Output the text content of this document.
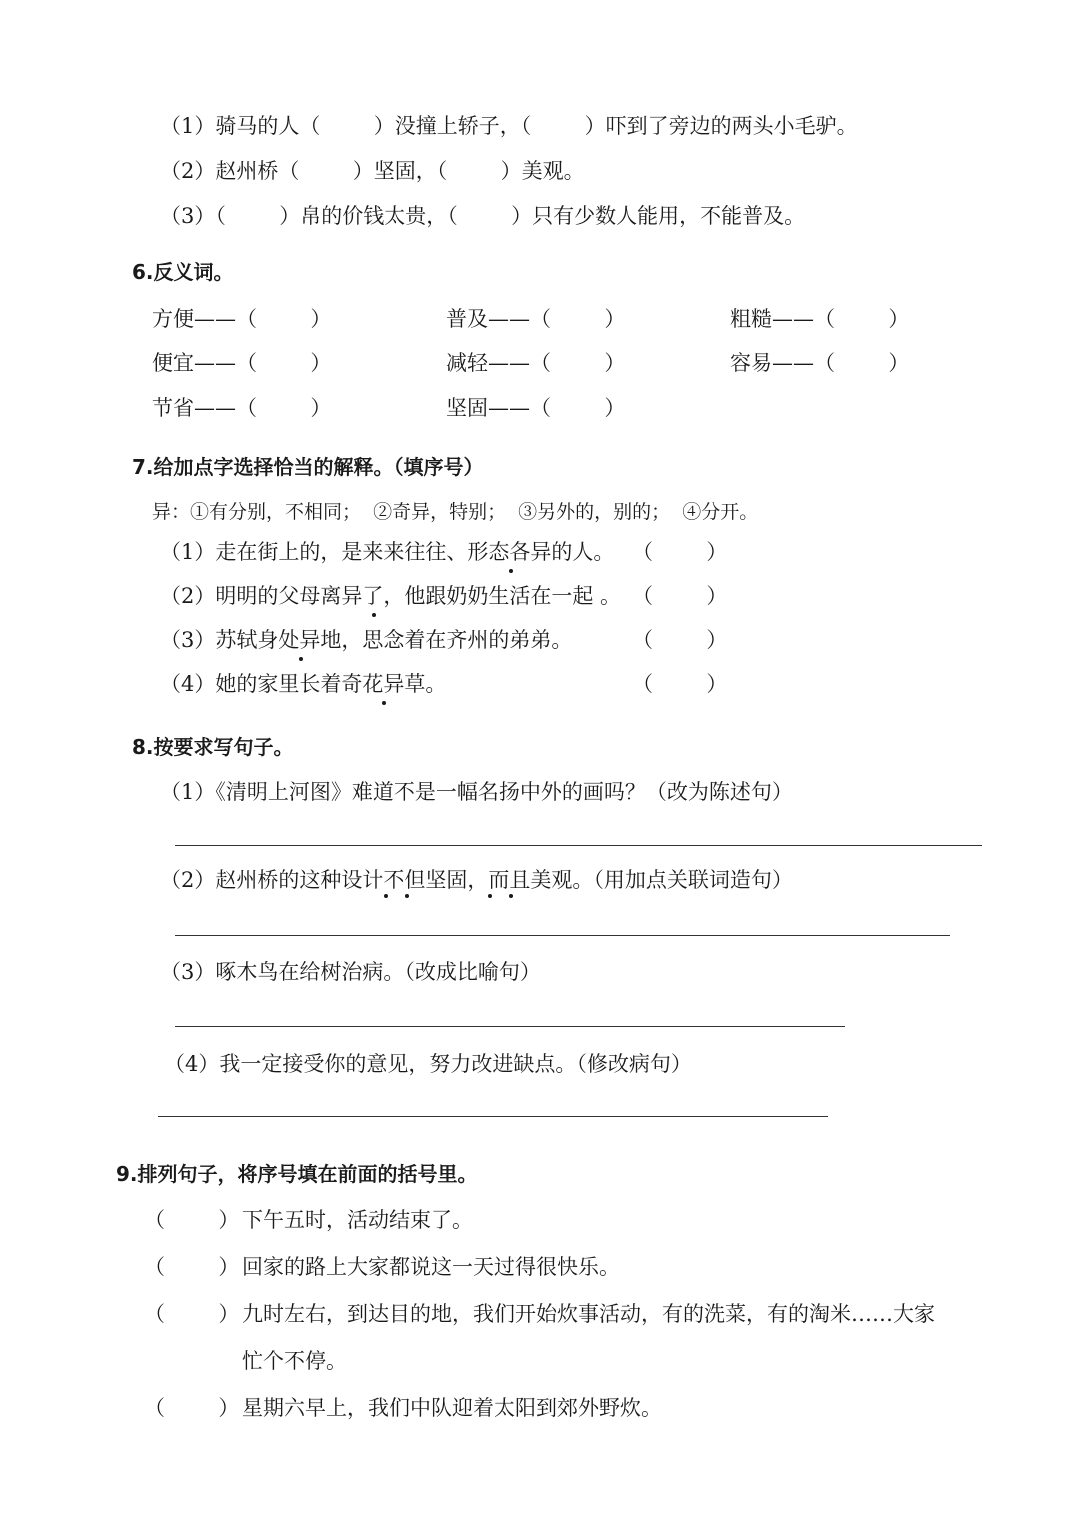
（1）骑马的人（        ）没撞上轿子，（        ）吓到了旁边的两头小毛驴。
（2）赵州桥（        ）坚固，（        ）美观。
（3）（        ）帛的价钱太贵，（        ）只有少数人能用，不能普及。
6.反义词。
方便——（        ）	普及——（        ）	粗糙——（        ）
便宜——（        ）	减轻——（        ）	容易——（        ）
节省——（        ）	坚固——（        ）
7.给加点字选择恰当的解释。（填序号）
异：①有分别，不相同；  ②奇异，特别；  ③另外的，别的；  ④分开。
（1）走在街上的，是来来往往、形态各异的人。 （        ）
（2）明明的父母离异了，他跟奶奶生活在一起 。 （        ）
（3）苏轼身处异地，思念着在齐州的弟弟。	（        ）
（4）她的家里长着奇花异草。	（        ）
8.按要求写句子。
（1）《清明上河图》难道不是一幅名扬中外的画吗？（改为陈述句）
（2）赵州桥的这种设计不但坚固，而且美观。（用加点关联词造句）
（3）啄木鸟在给树治病。（改成比喻句）
（4）我一定接受你的意见，努力改进缺点。（修改病句）
9.排列句子，将序号填在前面的括号里。
（        ） 下午五时，活动结束了。
（        ） 回家的路上大家都说这一天过得很快乐。
（        ） 九时左右，到达目的地，我们开始炊事活动，有的洗菜，有的淘米……大家
忙个不停。
（        ） 星期六早上，我们中队迎着太阳到郊外野炊。
